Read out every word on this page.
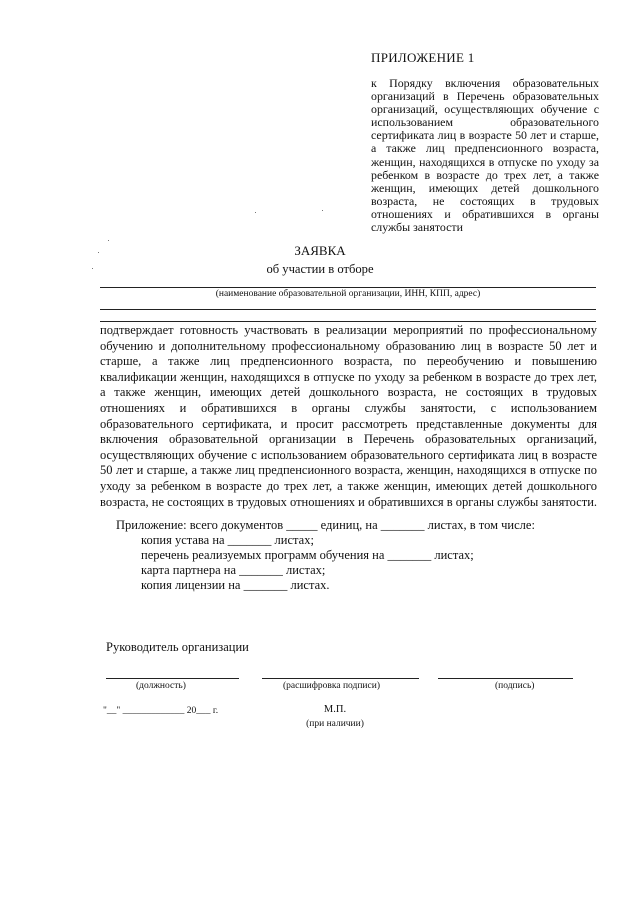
ПРИЛОЖЕНИЕ 1
к Порядку включения образовательных организаций в Перечень образовательных организаций, осуществляющих обучение с использованием образовательного сертификата лиц в возрасте 50 лет и старше, а также лиц предпенсионного возраста, женщин, находящихся в отпуске по уходу за ребенком в возрасте до трех лет, а также женщин, имеющих детей дошкольного возраста, не состоящих в трудовых отношениях и обратившихся в органы службы занятости
ЗАЯВКА
об участии в отборе
(наименование образовательной организации, ИНН, КПП, адрес)
подтверждает готовность участвовать в реализации мероприятий по профессиональному обучению и дополнительному профессиональному образованию лиц в возрасте 50 лет и старше, а также лиц предпенсионного возраста, по переобучению и повышению квалификации женщин, находящихся в отпуске по уходу за ребенком в возрасте до трех лет, а также женщин, имеющих детей дошкольного возраста, не состоящих в трудовых отношениях и обратившихся в органы службы занятости, с использованием образовательного сертификата, и просит рассмотреть представленные документы для включения образовательной организации в Перечень образовательных организаций, осуществляющих обучение с использованием образовательного сертификата лиц в возрасте 50 лет и старше, а также лиц предпенсионного возраста, женщин, находящихся в отпуске по уходу за ребенком в возрасте до трех лет, а также женщин, имеющих детей дошкольного возраста, не состоящих в трудовых отношениях и обратившихся в органы службы занятости.
Приложение: всего документов _____ единиц, на _______ листах, в том числе:
копия устава на _______ листах;
перечень реализуемых программ обучения на _______ листах;
карта партнера на _______ листах;
копия лицензии на _______ листах.
Руководитель организации
(должность)	(расшифровка подписи)	(подпись)
"__" _____________ 20___ г.	М.П.
(при наличии)
